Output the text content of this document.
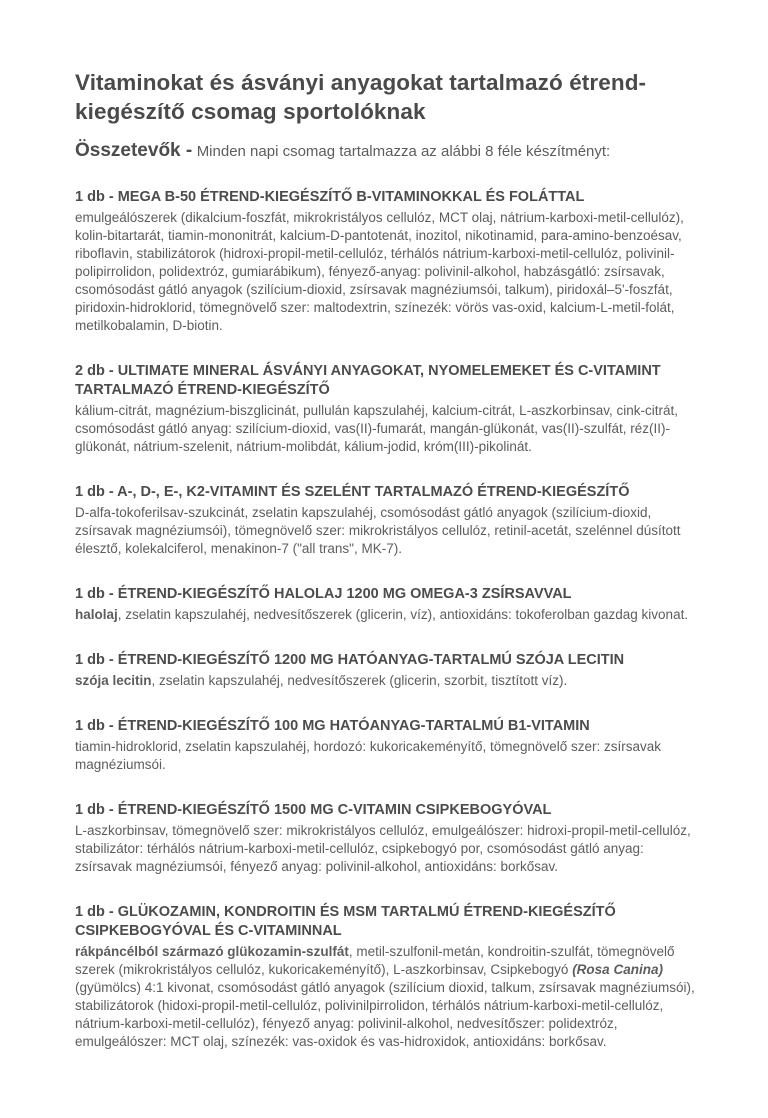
Vitaminokat és ásványi anyagokat tartalmazó étrend-kiegészítő csomag sportolóknak

Összetevők - Minden napi csomag tartalmazza az alábbi 8 féle készítményt:

1 db - MEGA B-50 ÉTREND-KIEGÉSZÍTŐ B-VITAMINOKKAL ÉS FOLÁTTAL

emulgeálószerek (dikalcium-foszfát, mikrokristályos cellulóz, MCT olaj, nátrium-karboxi-metil-cellulóz), kolin-bitartarát, tiamin-mononitrát, kalcium-D-pantotenát, inozitol, nikotinamid, para-amino-benzoésav, riboflavin, stabilizátorok (hidroxi-propil-metil-cellulóz, térhálós nátrium-karboxi-metil-cellulóz, polivinil-polipirrolidon, polidextróz, gumiarábikum), fényező-anyag: polivinil-alkohol, habzásgátló: zsírsavak, csomósodást gátló anyagok (szilícium-dioxid, zsírsavak magnéziumsói, talkum), piridoxál–5'-foszfát, piridoxin-hidroklorid, tömegnövelő szer: maltodextrin, színezék: vörös vas-oxid, kalcium-L-metil-folát, metilkobalamin, D-biotin.

2 db - ULTIMATE MINERAL ÁSVÁNYI ANYAGOKAT, NYOMELEMEKET ÉS C-VITAMINT TARTALMAZÓ ÉTREND-KIEGÉSZÍTŐ

kálium-citrát, magnézium-biszglicinát, pullulán kapszulahéj, kalcium-citrát, L-aszkorbinsav, cink-citrát, csomósodást gátló anyag: szilícium-dioxid, vas(II)-fumarát, mangán-glükonát, vas(II)-szulfát, réz(II)-glükonát, nátrium-szelenit, nátrium-molibdát, kálium-jodid, króm(III)-pikolinát.

1 db - A-, D-, E-, K2-VITAMINT ÉS SZELÉNT TARTALMAZÓ ÉTREND-KIEGÉSZÍTŐ

D-alfa-tokoferilsav-szukcinát, zselatin kapszulahéj, csomósodást gátló anyagok (szilícium-dioxid, zsírsavak magnéziumsói), tömegnövelő szer: mikrokristályos cellulóz, retinil-acetát, szelénnel dúsított élesztő, kolekalciferol, menakinon-7 ("all trans", MK-7).

1 db - ÉTREND-KIEGÉSZÍTŐ HALOLAJ 1200 MG OMEGA-3 ZSÍRSAVVAL

halolaj, zselatin kapszulahéj, nedvesítőszerek (glicerin, víz), antioxidáns: tokoferolban gazdag kivonat.

1 db - ÉTREND-KIEGÉSZÍTŐ 1200 MG HATÓANYAG-TARTALMÚ SZÓJA LECITIN

szója lecitin, zselatin kapszulahéj, nedvesítőszerek (glicerin, szorbit, tisztított víz).

1 db - ÉTREND-KIEGÉSZÍTŐ 100 MG HATÓANYAG-TARTALMÚ B1-VITAMIN

tiamin-hidroklorid, zselatin kapszulahéj, hordozó: kukoricakeményítő, tömegnövelő szer: zsírsavak magnéziumsói.

1 db - ÉTREND-KIEGÉSZÍTŐ 1500 MG C-VITAMIN CSIPKEBOGYÓVAL

L-aszkorbinsav, tömegnövelő szer: mikrokristályos cellulóz, emulgeálószer: hidroxi-propil-metil-cellulóz, stabilizátor: térhálós nátrium-karboxi-metil-cellulóz, csipkebogyó por, csomósodást gátló anyag: zsírsavak magnéziumsói, fényező anyag: polivinil-alkohol, antioxidáns: borkősav.

1 db - GLÜKOZAMIN, KONDROITIN ÉS MSM TARTALMÚ ÉTREND-KIEGÉSZÍTŐ CSIPKEBOGYÓVAL ÉS C-VITAMINNAL

rákpáncélból származó glükozamin-szulfát, metil-szulfonil-metán, kondroitin-szulfát, tömegnövelő szerek (mikrokristályos cellulóz, kukoricakeményítő), L-aszkorbinsav, Csipkebogyó (Rosa Canina) (gyümölcs) 4:1 kivonat, csomósodást gátló anyagok (szilícium dioxid, talkum, zsírsavak magnéziumsói), stabilizátorok (hidoxi-propil-metil-cellulóz, polivinilpirrolidon, térhálós nátrium-karboxi-metil-cellulóz, nátrium-karboxi-metil-cellulóz), fényező anyag: polivinil-alkohol, nedvesítőszer: polidextróz, emulgeálószer: MCT olaj, színezék: vas-oxidok és vas-hidroxidok, antioxidáns: borkősav.
